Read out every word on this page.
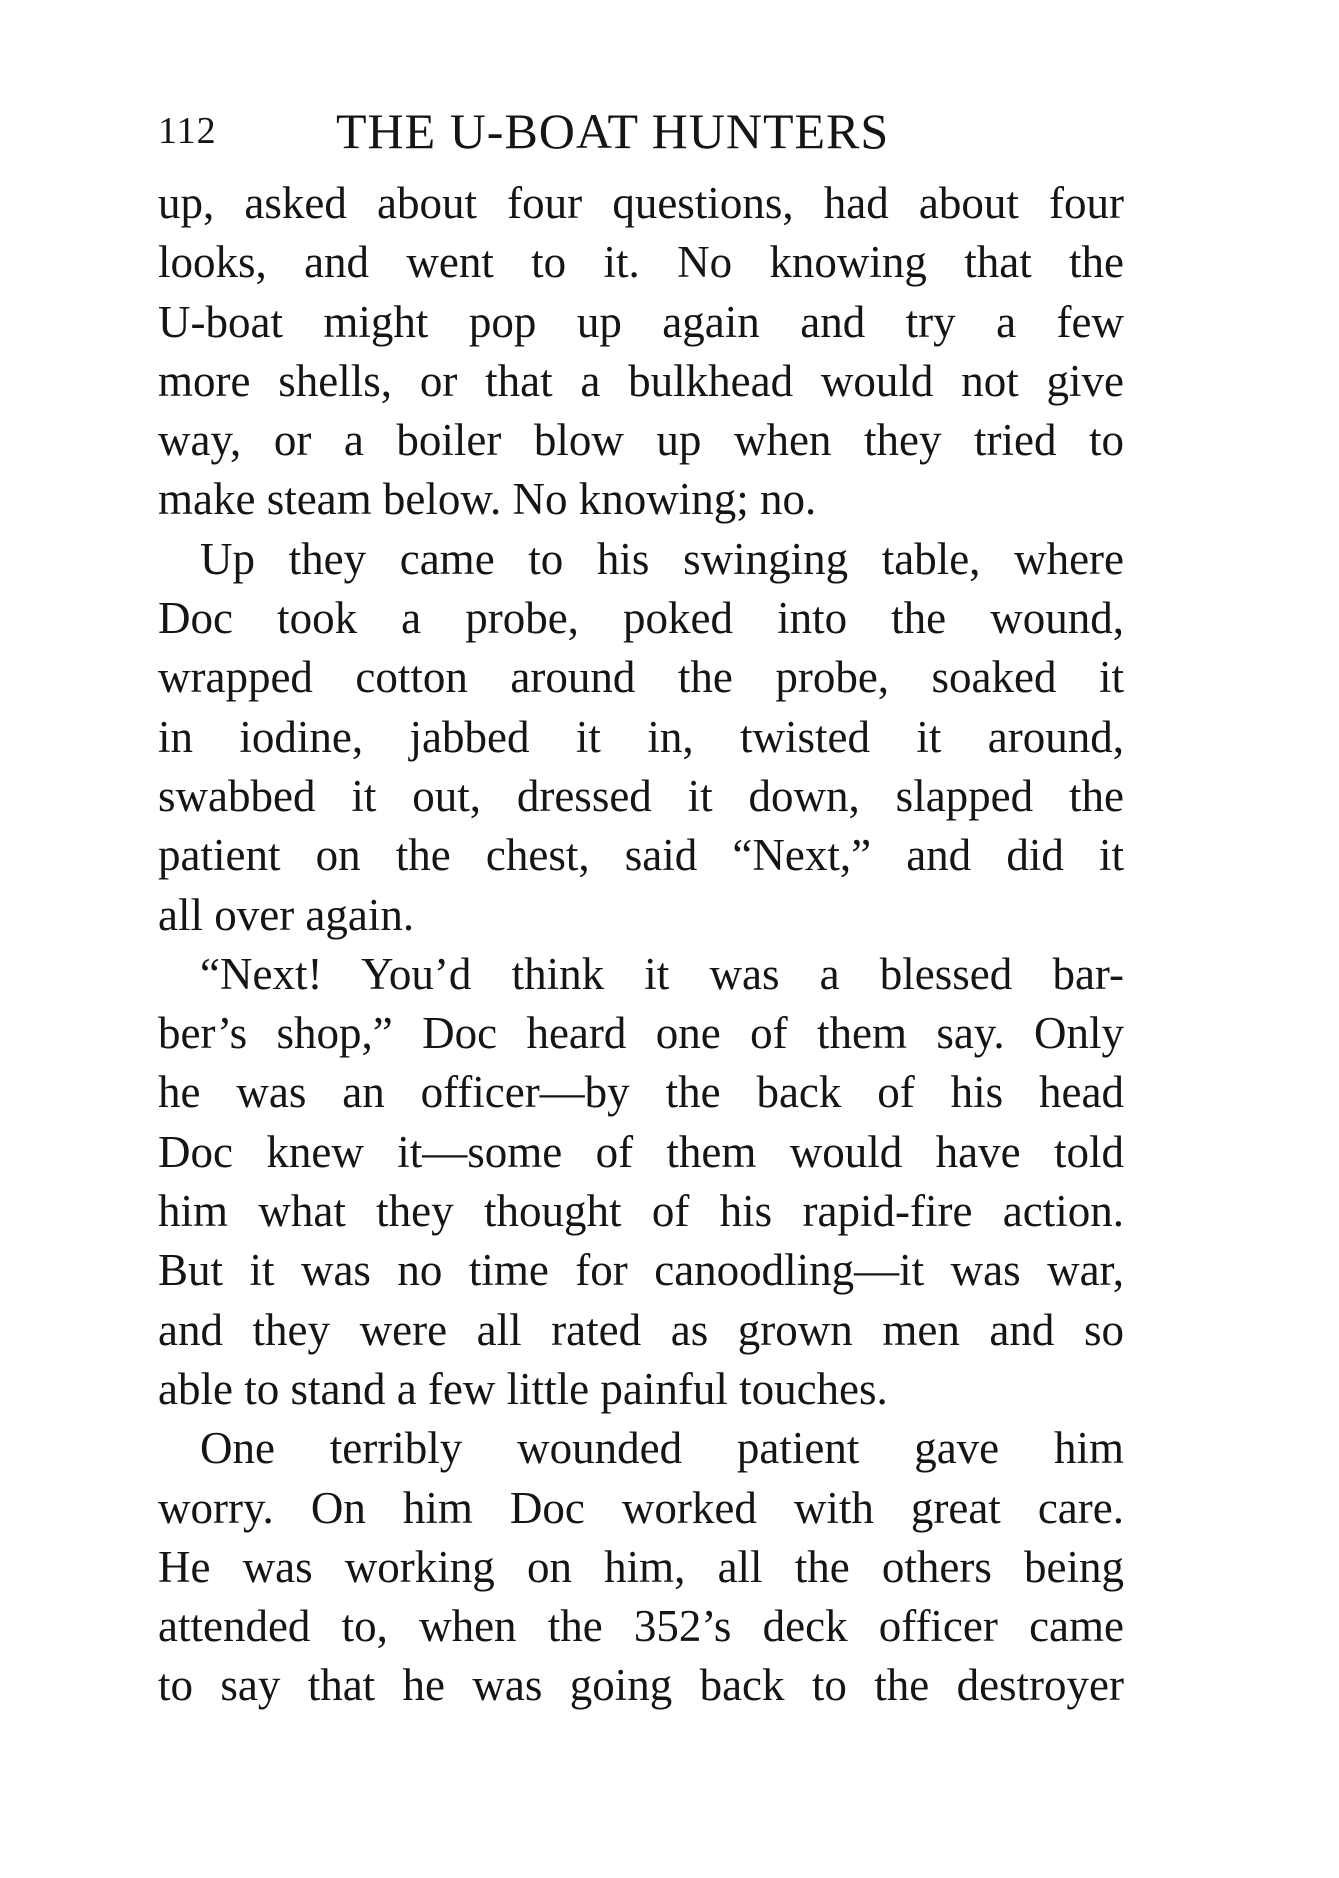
112 THE U-BOAT HUNTERS
up, asked about four questions, had about four
looks, and went to it. No knowing that the
U-boat might pop up again and try a few
more shells, or that a bulkhead would not give
way, or a boiler blow up when they tried to
make steam below. No knowing; no.
Up they came to his swinging table, where
Doc took a probe, poked into the wound,
wrapped cotton around the probe, soaked it
in iodine, jabbed it in, twisted it around,
swabbed it out, dressed it down, slapped the
patient on the chest, said “Next,” and did it
all over again.
“Next! You’d think it was a blessed bar-
ber’s shop,” Doc heard one of them say. Only
he was an officer—by the back of his head
Doc knew it—some of them would have told
him what they thought of his rapid-fire action.
But it was no time for canoodling—it was war,
and they were all rated as grown men and so
able to stand a few little painful touches.
One terribly wounded patient gave him
worry. On him Doc worked with great care.
He was working on him, all the others being
attended to, when the 352’s deck officer came
to say that he was going back to the destroyer
